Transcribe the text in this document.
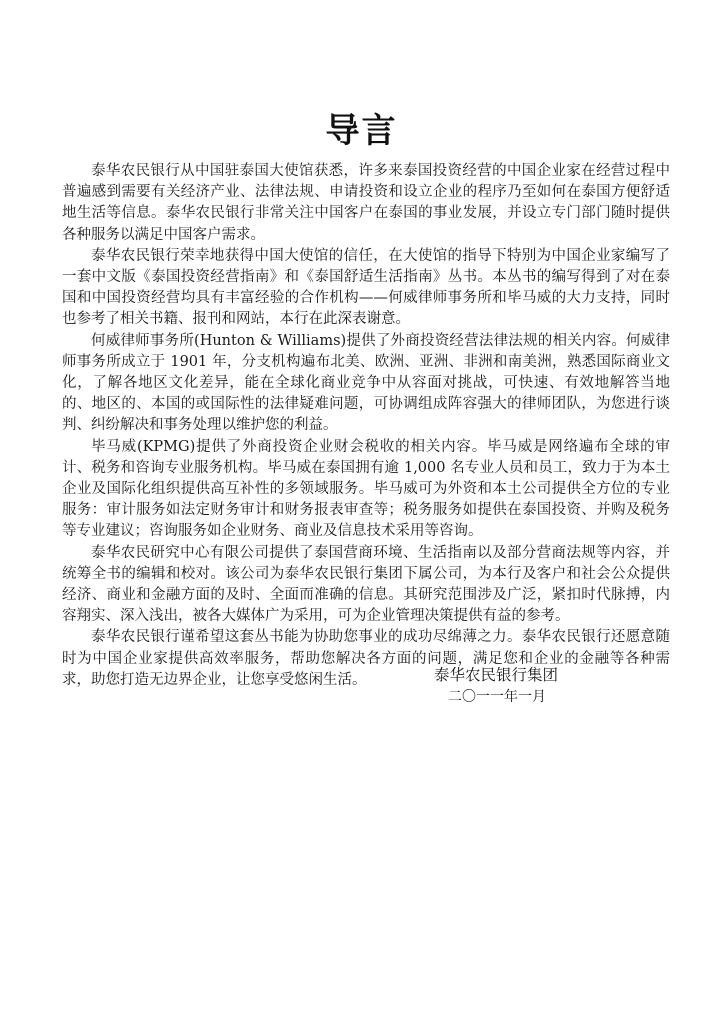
导言

泰华农民银行从中国驻泰国大使馆获悉，许多来泰国投资经营的中国企业家在经营过程中普遍感到需要有关经济产业、法律法规、申请投资和设立企业的程序乃至如何在泰国方便舒适地生活等信息。泰华农民银行非常关注中国客户在泰国的事业发展，并设立专门部门随时提供各种服务以满足中国客户需求。

泰华农民银行荣幸地获得中国大使馆的信任，在大使馆的指导下特别为中国企业家编写了一套中文版《泰国投资经营指南》和《泰国舒适生活指南》丛书。本丛书的编写得到了对在泰国和中国投资经营均具有丰富经验的合作机构——何威律师事务所和毕马威的大力支持，同时也参考了相关书籍、报刊和网站，本行在此深表谢意。

何威律师事务所(Hunton & Williams)提供了外商投资经营法律法规的相关内容。何威律师事务所成立于 1901 年，分支机构遍布北美、欧洲、亚洲、非洲和南美洲，熟悉国际商业文化，了解各地区文化差异，能在全球化商业竞争中从容面对挑战，可快速、有效地解答当地的、地区的、本国的或国际性的法律疑难问题，可协调组成阵容强大的律师团队，为您进行谈判、纠纷解决和事务处理以维护您的利益。

毕马威(KPMG)提供了外商投资企业财会税收的相关内容。毕马威是网络遍布全球的审计、税务和咨询专业服务机构。毕马威在泰国拥有逾 1,000 名专业人员和员工，致力于为本土企业及国际化组织提供高互补性的多领域服务。毕马威可为外资和本土公司提供全方位的专业服务：审计服务如法定财务审计和财务报表审查等；税务服务如提供在泰国投资、并购及税务等专业建议；咨询服务如企业财务、商业及信息技术采用等咨询。

泰华农民研究中心有限公司提供了泰国营商环境、生活指南以及部分营商法规等内容，并统筹全书的编辑和校对。该公司为泰华农民银行集团下属公司，为本行及客户和社会公众提供经济、商业和金融方面的及时、全面而准确的信息。其研究范围涉及广泛，紧扣时代脉搏，内容翔实、深入浅出，被各大媒体广为采用，可为企业管理决策提供有益的参考。

泰华农民银行谨希望这套丛书能为协助您事业的成功尽绵薄之力。泰华农民银行还愿意随时为中国企业家提供高效率服务，帮助您解决各方面的问题，满足您和企业的金融等各种需求，助您打造无边界企业，让您享受悠闲生活。	泰华农民银行集团
二〇一一年一月
